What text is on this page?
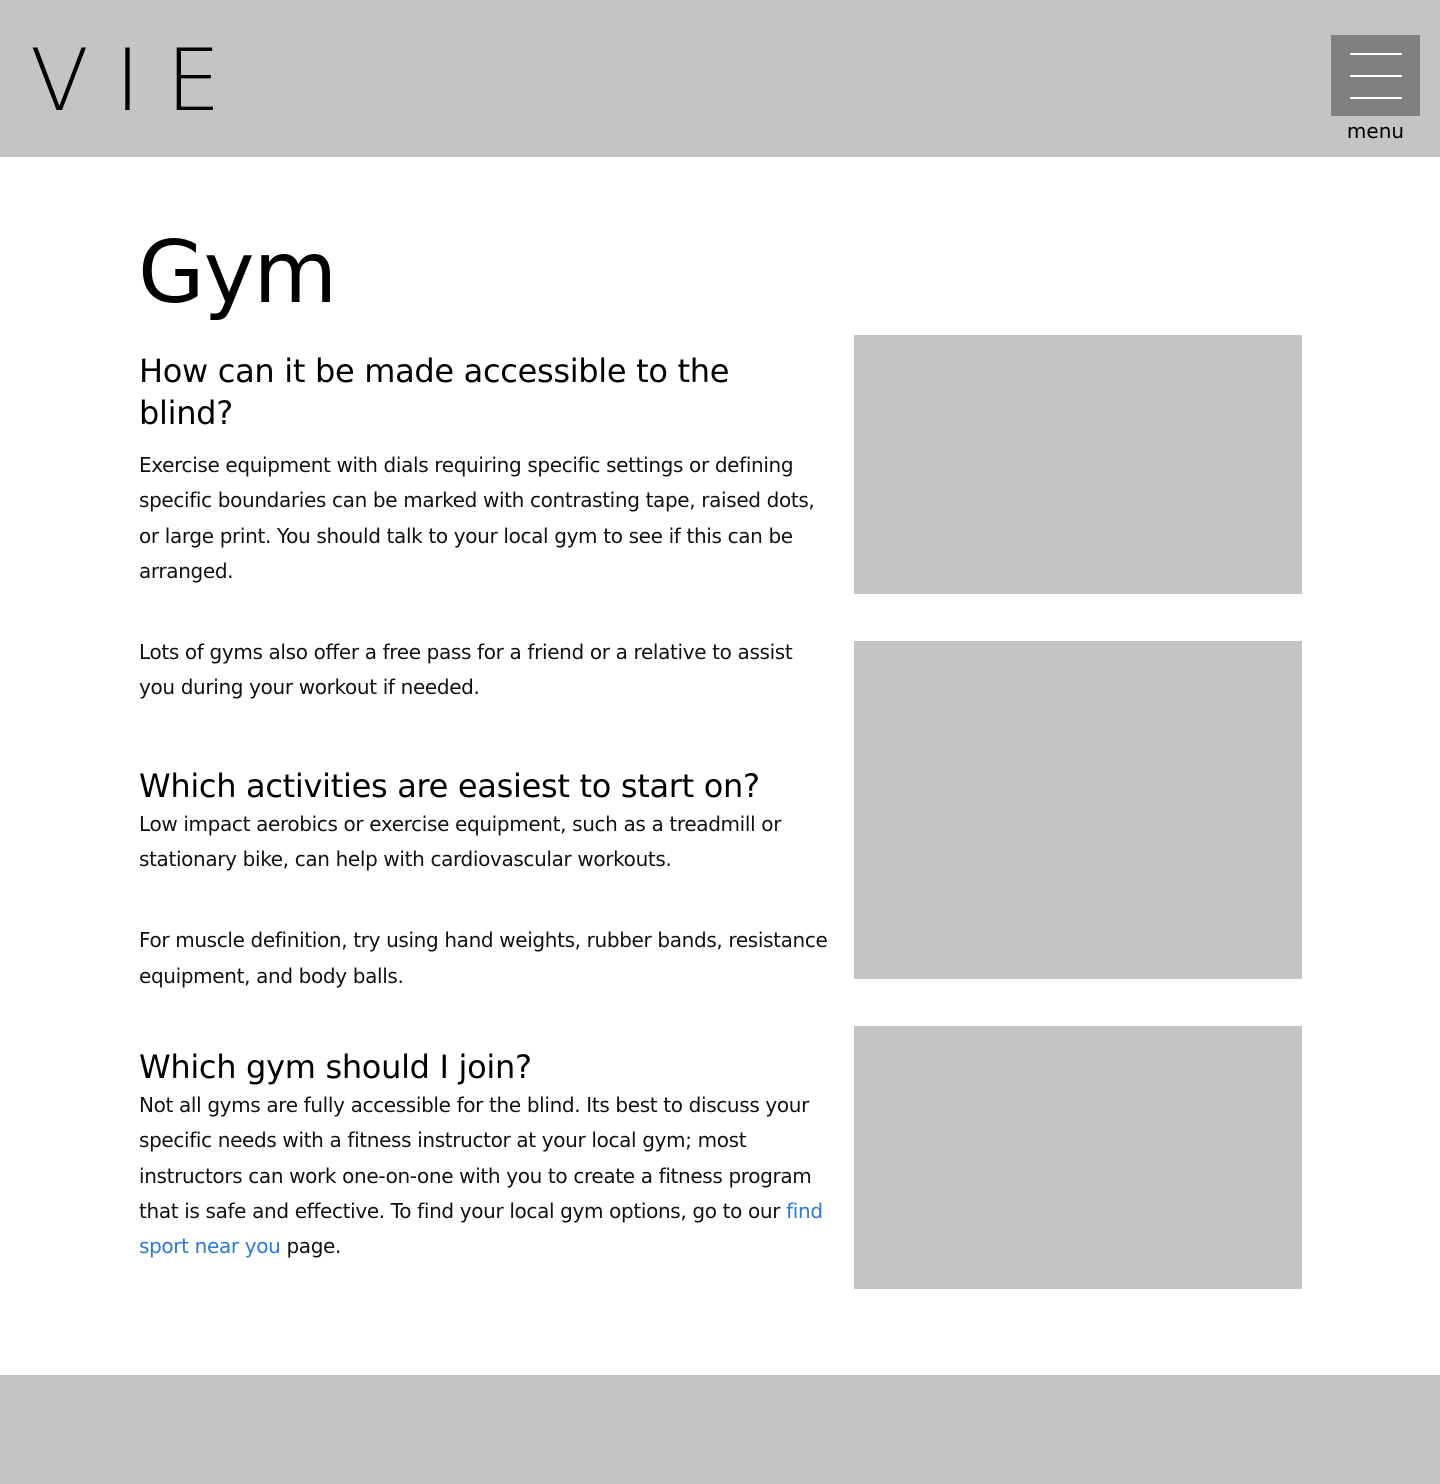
VIE	menu
Gym
How can it be made accessible to the blind?

Exercise equipment with dials requiring specific settings or defining specific boundaries can be marked with contrasting tape, raised dots, or large print. You should talk to your local gym to see if this can be arranged.

Lots of gyms also offer a free pass for a friend or a relative to assist you during your workout if needed.

Which activities are easiest to start on?

Low impact aerobics or exercise equipment, such as a treadmill or stationary bike, can help with cardiovascular workouts.

For muscle definition, try using hand weights, rubber bands, resistance equipment, and body balls.

Which gym should I join?

Not all gyms are fully accessible for the blind. Its best to discuss your specific needs with a fitness instructor at your local gym; most instructors can work one-on-one with you to create a fitness program that is safe and effective. To find your local gym options, go to our find sport near you page.
